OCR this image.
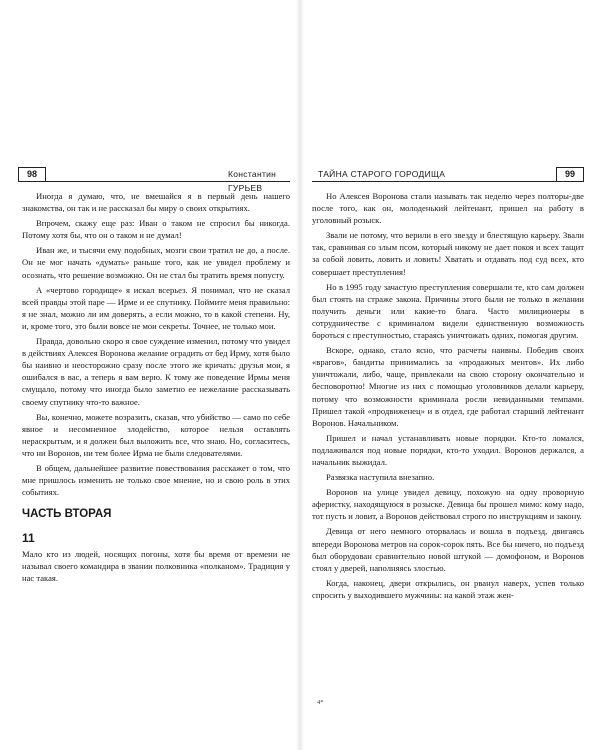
98	Константин ГУРЬЕВ
ТАЙНА СТАРОГО ГОРОДИЩА	99

Иногда я думаю, что, не вмешайся я в первый день нашего знакомства, он так и не рассказал бы миру о своих открытиях.

Впрочем, скажу еще раз: Иван о таком не спросил бы никогда. Потому хотя бы, что он о таком и не думал!

Иван же, и тысячи ему подобных, мозги свои тратил не до, а после. Он не мог начать «думать» раньше того, как не увидел проблему и осознать, что решение возможно. Он не стал бы тратить время попусту.

А «чертово городище» я искал всерьез. Я понимал, что не сказал всей правды этой паре — Ирме и ее спутнику. Поймите меня правильно: я не знал, можно ли им доверять, а если можно, то в какой степени. Ну, и, кроме того, это были вовсе не мои секреты. Точнее, не только мои.

Правда, довольно скоро я свое суждение изменил, потому что увидел в действиях Алексея Воронова желание оградить от бед Ирму, хотя было бы наивно и неосторожно сразу после этого же кричать: друзья мои, я ошибался в вас, а теперь я вам верю. К тому же поведение Ирмы меня смущало, потому что иногда было заметно ее нежелание рассказывать своему спутнику что-то важное.

Вы, конечно, можете возразить, сказав, что убийство — само по себе явное и несомненное злодейство, которое нельзя оставлять нераскрытым, и я должен был выложить все, что знаю. Но, согласитесь, что ни Воронов, ни тем более Ирма не были следователями.

В общем, дальнейшее развитие повествования расскажет о том, что мне пришлось изменить не только свое мнение, но и свою роль в этих событиях.

ЧАСТЬ ВТОРАЯ
11

Мало кто из людей, носящих погоны, хотя бы время от времени не называл своего командира в звании полковника «полканом». Традиция у нас такая.

Но Алексея Воронова стали называть так неделю через полторы-две после того, как он, молоденький лейтенант, пришел на работу в уголовный розыск.

Звали не потому, что верили в его звезду и блестящую карьеру. Звали так, сравнивая со злым псом, который никому не дает покоя и всех тащит за собой ловить, ловить и ловить! Хватать и отдавать под суд всех, кто совершает преступления!

Но в 1995 году зачастую преступления совершали те, кто сам должен был стоять на страже закона. Причины этого были не только в желании получить деньги или какие-то блага. Часто милиционеры в сотрудничестве с криминалом видели единственную возможность бороться с преступностью, стараясь уничтожать одних, помогая другим.

Вскоре, однако, стало ясно, что расчеты наивны. Победив своих «врагов», бандиты принимались за «продажных ментов». Их либо уничтожали, либо, чаще, привлекали на свою сторону окончательно и бесповоротно! Многие из них с помощью уголовников делали карьеру, потому что возможности криминала росли невиданными темпами. Пришел такой «продвиженец» и в отдел, где работал старший лейтенант Воронов. Начальником.

Пришел и начал устанавливать новые порядки. Кто-то ломался, подлаживался под новые порядки, кто-то уходил. Воронов держался, а начальник выжидал.

Развязка наступила внезапно.

Воронов на улице увидел девицу, похожую на одну проворную аферистку, находящуюся в розыске. Девица бы прошел мимо: кому надо, тот пусть и ловит, а Воронов действовал строго по инструкциям и закону.

Девица от него немного оторвалась и вошла в подъезд, двигаясь впереди Воронова метров на сорок-сорок пять. Все бы ничего, но подъезд был оборудован сравнительно новой штукой — домофоном, и Воронов стоял у дверей, наполняясь злостью.

Когда, наконец, двери открылись, он рванул наверх, успев только спросить у выходившего мужчины: на какой этаж жен-

4*
